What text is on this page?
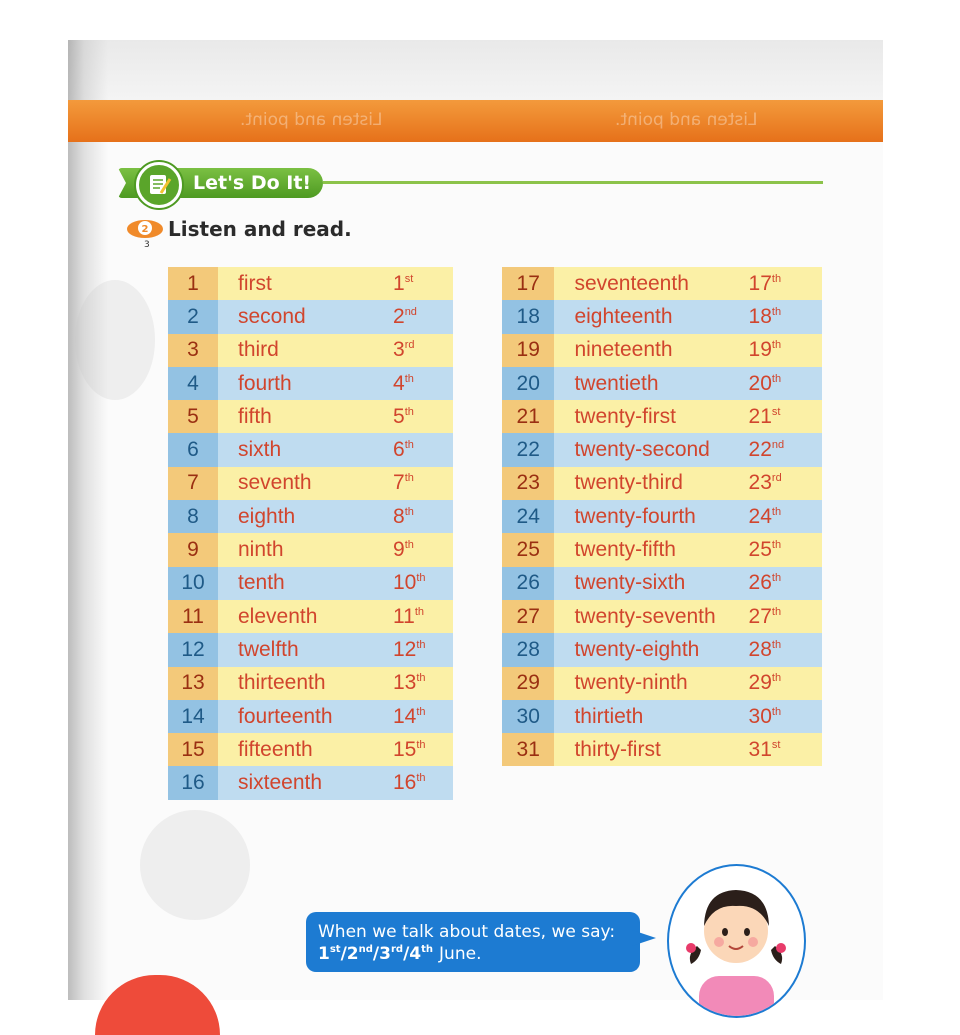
Listen and point.	Listen and point.
Let's Do It!
2 Listen and read.
3
1	first	1st
2	second	2nd
3	third	3rd
4	fourth	4th
5	fifth	5th
6	sixth	6th
7	seventh	7th
8	eighth	8th
9	ninth	9th
10	tenth	10th
11	eleventh	11th
12	twelfth	12th
13	thirteenth	13th
14	fourteenth	14th
15	fifteenth	15th
16	sixteenth	16th
17	seventeenth	17th
18	eighteenth	18th
19	nineteenth	19th
20	twentieth	20th
21	twenty-first	21st
22	twenty-second	22nd
23	twenty-third	23rd
24	twenty-fourth	24th
25	twenty-fifth	25th
26	twenty-sixth	26th
27	twenty-seventh	27th
28	twenty-eighth	28th
29	twenty-ninth	29th
30	thirtieth	30th
31	thirty-first	31st
When we talk about dates, we say:
1st/2nd/3rd/4th June.
